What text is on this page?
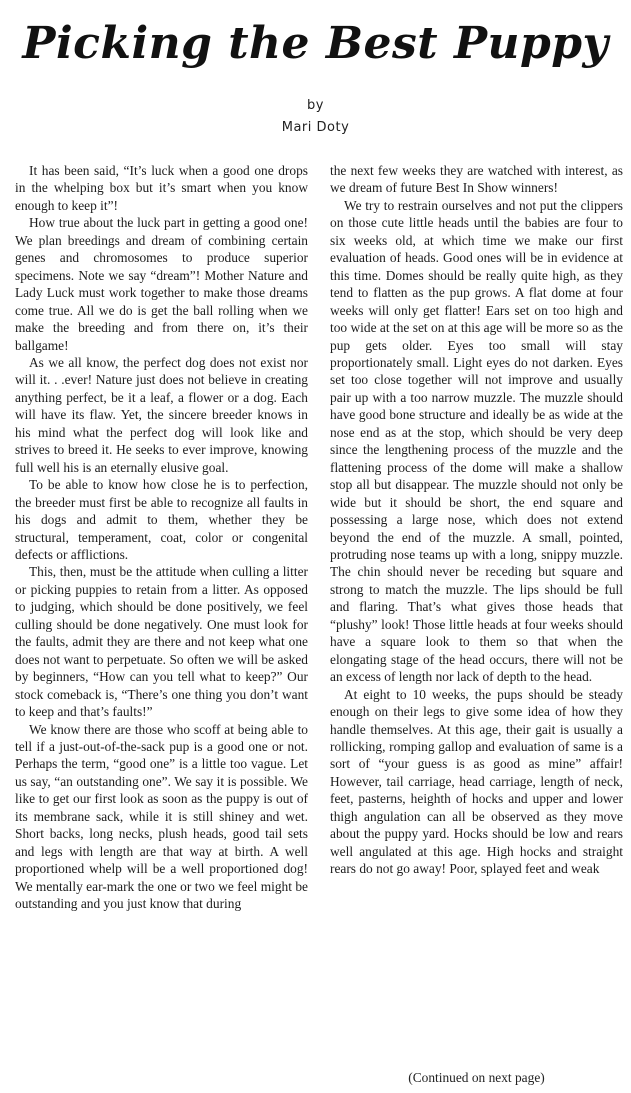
Picking the Best Puppy
by
Mari Doty

It has been said, “It’s luck when a good one drops in the whelping box but it’s smart when you know enough to keep it”!

How true about the luck part in getting a good one! We plan breedings and dream of combining certain genes and chromosomes to produce superior specimens. Note we say “dream”! Mother Nature and Lady Luck must work together to make those dreams come true. All we do is get the ball rolling when we make the breeding and from there on, it’s their ballgame!

As we all know, the perfect dog does not exist nor will it. . .ever! Nature just does not believe in creating anything perfect, be it a leaf, a flower or a dog. Each will have its flaw. Yet, the sincere breeder knows in his mind what the perfect dog will look like and strives to breed it. He seeks to ever improve, knowing full well his is an eternally elusive goal.

To be able to know how close he is to perfection, the breeder must first be able to recognize all faults in his dogs and admit to them, whether they be structural, temperament, coat, color or congenital defects or afflictions.

This, then, must be the attitude when culling a litter or picking puppies to retain from a litter. As opposed to judging, which should be done positively, we feel culling should be done negatively. One must look for the faults, admit they are there and not keep what one does not want to perpetuate. So often we will be asked by beginners, “How can you tell what to keep?” Our stock comeback is, “There’s one thing you don’t want to keep and that’s faults!”

We know there are those who scoff at being able to tell if a just-out-of-the-sack pup is a good one or not. Perhaps the term, “good one” is a little too vague. Let us say, “an outstanding one”. We say it is possible. We like to get our first look as soon as the puppy is out of its membrane sack, while it is still shiney and wet. Short backs, long necks, plush heads, good tail sets and legs with length are that way at birth. A well proportioned whelp will be a well proportioned dog! We mentally ear-mark the one or two we feel might be outstanding and you just know that during

the next few weeks they are watched with interest, as we dream of future Best In Show winners!

We try to restrain ourselves and not put the clippers on those cute little heads until the babies are four to six weeks old, at which time we make our first evaluation of heads. Good ones will be in evidence at this time. Domes should be really quite high, as they tend to flatten as the pup grows. A flat dome at four weeks will only get flatter! Ears set on too high and too wide at the set on at this age will be more so as the pup gets older. Eyes too small will stay proportionately small. Light eyes do not darken. Eyes set too close together will not improve and usually pair up with a too narrow muzzle. The muzzle should have good bone structure and ideally be as wide at the nose end as at the stop, which should be very deep since the lengthening process of the muzzle and the flattening process of the dome will make a shallow stop all but disappear. The muzzle should not only be wide but it should be short, the end square and possessing a large nose, which does not extend beyond the end of the muzzle. A small, pointed, protruding nose teams up with a long, snippy muzzle. The chin should never be receding but square and strong to match the muzzle. The lips should be full and flaring. That’s what gives those heads that “plushy” look! Those little heads at four weeks should have a square look to them so that when the elongating stage of the head occurs, there will not be an excess of length nor lack of depth to the head.

At eight to 10 weeks, the pups should be steady enough on their legs to give some idea of how they handle themselves. At this age, their gait is usually a rollicking, romping gallop and evaluation of same is a sort of “your guess is as good as mine” affair! However, tail carriage, head carriage, length of neck, feet, pasterns, heighth of hocks and upper and lower thigh angulation can all be observed as they move about the puppy yard. Hocks should be low and rears well angulated at this age. High hocks and straight rears do not go away! Poor, splayed feet and weak

(Continued on next page)
